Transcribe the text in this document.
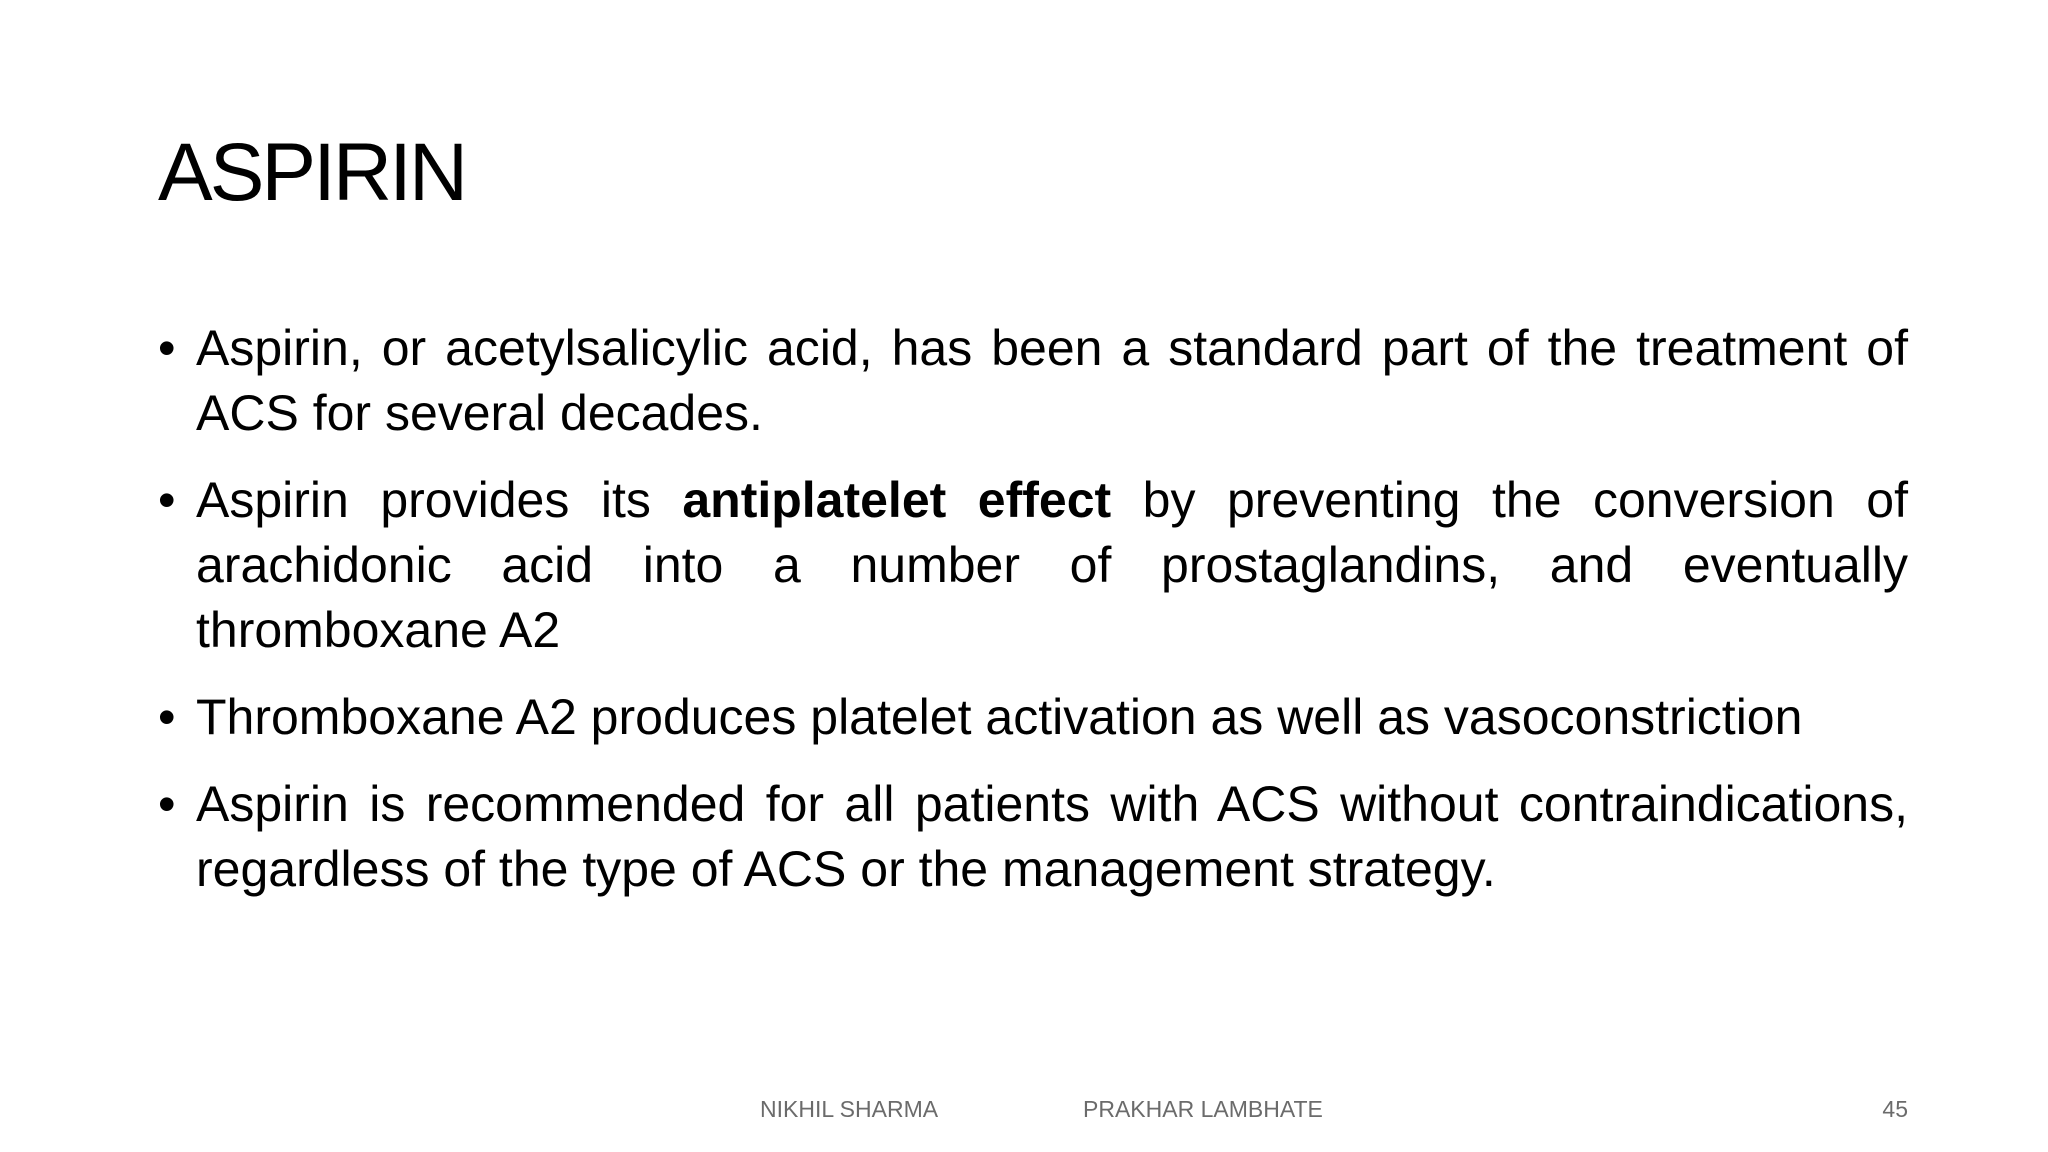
ASPIRIN
• Aspirin, or acetylsalicylic acid, has been a standard part of the treatment of ACS for several decades.
• Aspirin provides its antiplatelet effect by preventing the conversion of arachidonic acid into a number of prostaglandins, and eventually thromboxane A2
• Thromboxane A2 produces platelet activation as well as vasoconstriction
• Aspirin is recommended for all patients with ACS without contraindications, regardless of the type of ACS or the management strategy.
NIKHIL SHARMA	PRAKHAR LAMBHATE	45
